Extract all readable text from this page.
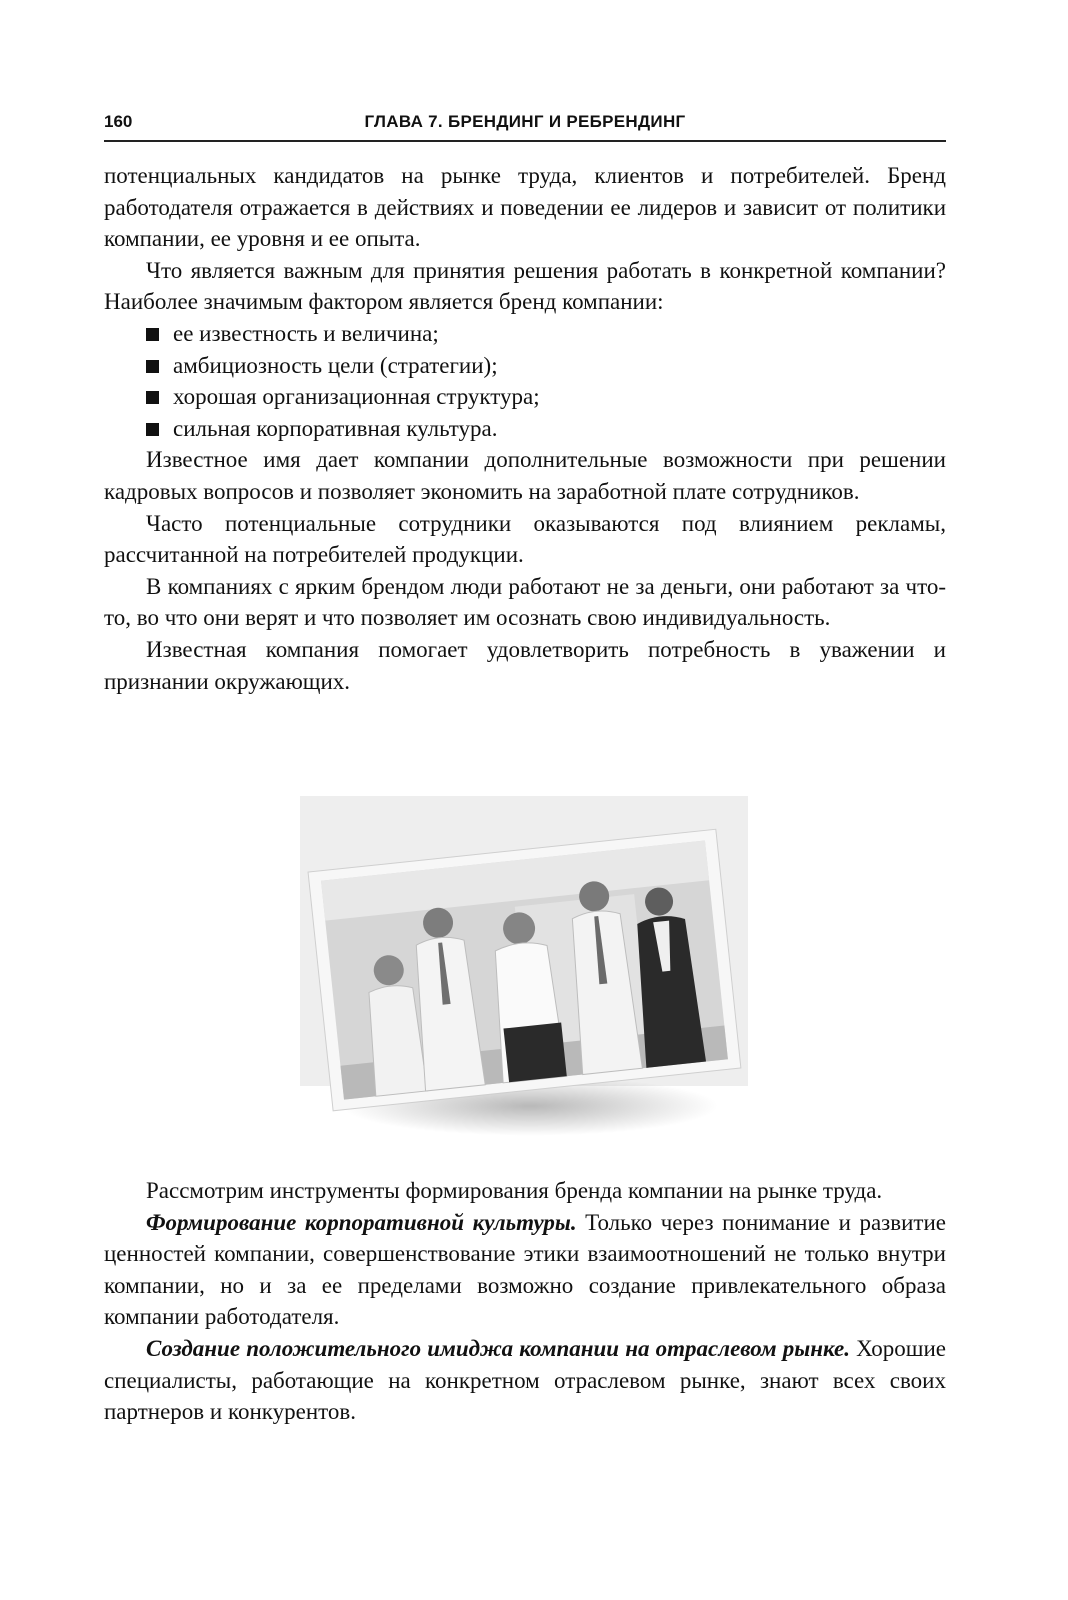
160	ГЛАВА 7. БРЕНДИНГ И РЕБРЕНДИНГ

потенциальных кандидатов на рынке труда, клиентов и потребителей. Бренд работодателя отражается в действиях и поведении ее лидеров и зависит от политики компании, ее уровня и ее опыта.

Что является важным для принятия решения работать в конкретной компании? Наиболее значимым фактором является бренд компании:

ее известность и величина;
амбициозность цели (стратегии);
хорошая организационная структура;
сильная корпоративная культура.

Известное имя дает компании дополнительные возможности при решении кадровых вопросов и позволяет экономить на заработной плате сотрудников.

Часто потенциальные сотрудники оказываются под влиянием рекламы, рассчитанной на потребителей продукции.

В компаниях с ярким брендом люди работают не за деньги, они работают за что-то, во что они верят и что позволяет им осознать свою индивидуальность.

Известная компания помогает удовлетворить потребность в уважении и признании окружающих.

Рассмотрим инструменты формирования бренда компании на рынке труда.

Формирование корпоративной культуры. Только через понимание и развитие ценностей компании, совершенствование этики взаимоотношений не только внутри компании, но и за ее пределами возможно создание привлекательного образа компании работодателя.

Создание положительного имиджа компании на отраслевом рынке. Хорошие специалисты, работающие на конкретном отраслевом рынке, знают всех своих партнеров и конкурентов.
